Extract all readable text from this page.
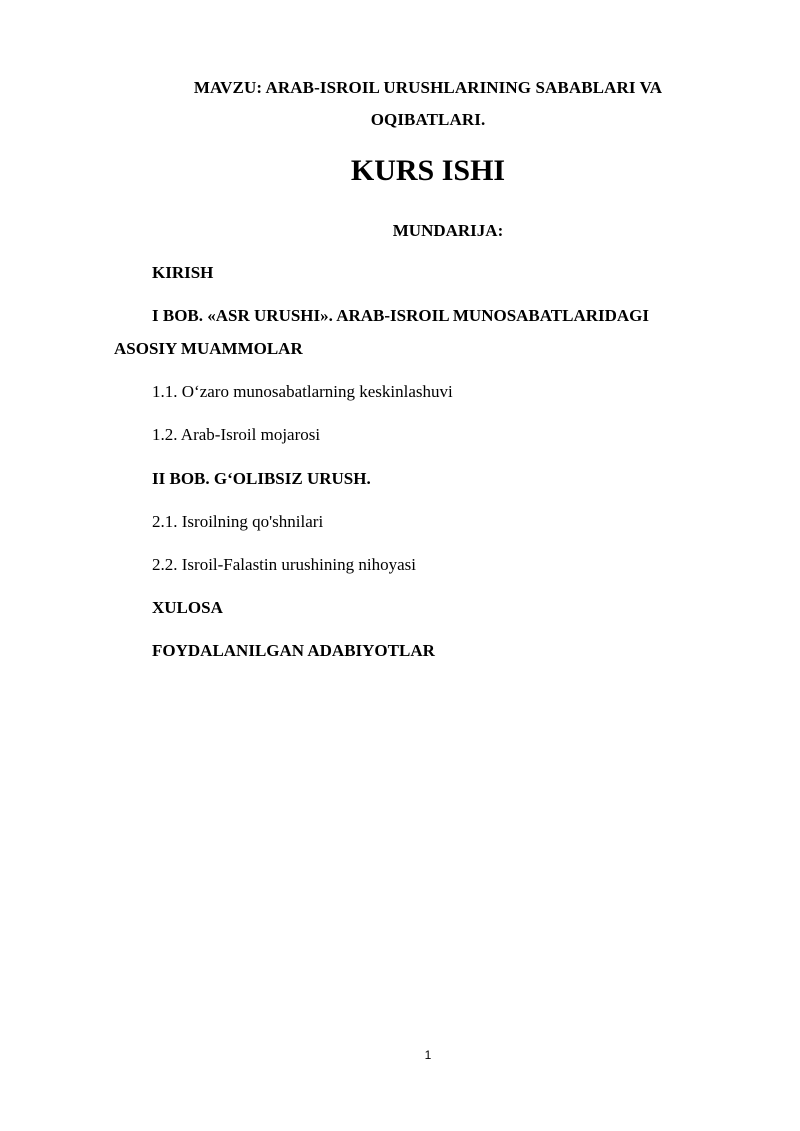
MAVZU: ARAB-ISROIL URUSHLARINING SABABLARI VA
OQIBATLARI.
KURS ISHI
MUNDARIJA:
KIRISH
I BOB. «ASR URUSHI». ARAB-ISROIL MUNOSABATLARIDAGI
ASOSIY MUAMMOLAR
1.1. O‘zaro munosabatlarning keskinlashuvi
1.2. Arab-Isroil mojarosi
II BOB. G‘OLIBSIZ URUSH.
2.1. Isroilning qo'shnilari
2.2. Isroil-Falastin urushining nihoyasi
XULOSA
FOYDALANILGAN ADABIYOTLAR
1
